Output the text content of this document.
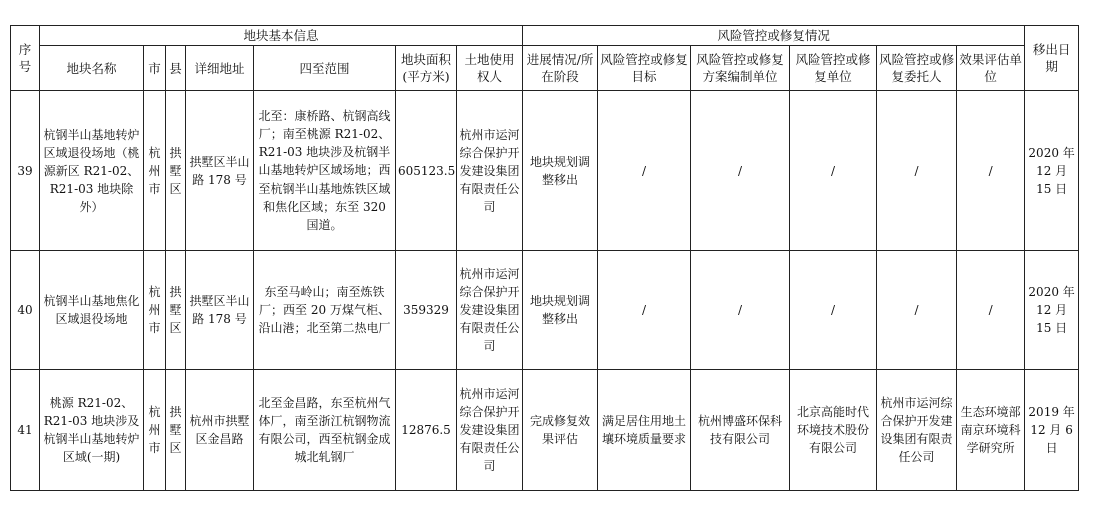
序号	地块基本信息							风险管控或修复情况						移出日期
	地块名称	市	县	详细地址	四至范围	地块面积(平方米)	土地使用权人	进展情况/所在阶段	风险管控或修复目标	风险管控或修复方案编制单位	风险管控或修复单位	风险管控或修复委托人	效果评估单位	
39	杭钢半山基地转炉区域退役场地（桃源新区 R21-02、R21-03 地块除外）	杭州市	拱墅区	拱墅区半山路 178 号	北至：康桥路、杭钢高线厂；南至桃源 R21-02、R21-03 地块涉及杭钢半山基地转炉区域场地；西至杭钢半山基地炼铁区域和焦化区域；东至 320 国道。	605123.5	杭州市运河综合保护开发建设集团有限责任公司	地块规划调整移出	/	/	/	/	/	2020 年 12 月 15 日
40	杭钢半山基地焦化区域退役场地	杭州市	拱墅区	拱墅区半山路 178 号	东至马岭山；南至炼铁厂；西至 20 万煤气柜、沿山港；北至第二热电厂	359329	杭州市运河综合保护开发建设集团有限责任公司	地块规划调整移出	/	/	/	/	/	2020 年 12 月 15 日
41	桃源 R21-02、R21-03 地块涉及杭钢半山基地转炉区域(一期)	杭州市	拱墅区	杭州市拱墅区金昌路	北至金昌路，东至杭州气体厂，南至浙江杭钢物流有限公司，西至杭钢金成城北轧钢厂	12876.5	杭州市运河综合保护开发建设集团有限责任公司	完成修复效果评估	满足居住用地土壤环境质量要求	杭州博盛环保科技有限公司	北京高能时代环境技术股份有限公司	杭州市运河综合保护开发建设集团有限责任公司	生态环境部南京环境科学研究所	2019 年 12 月 6 日
